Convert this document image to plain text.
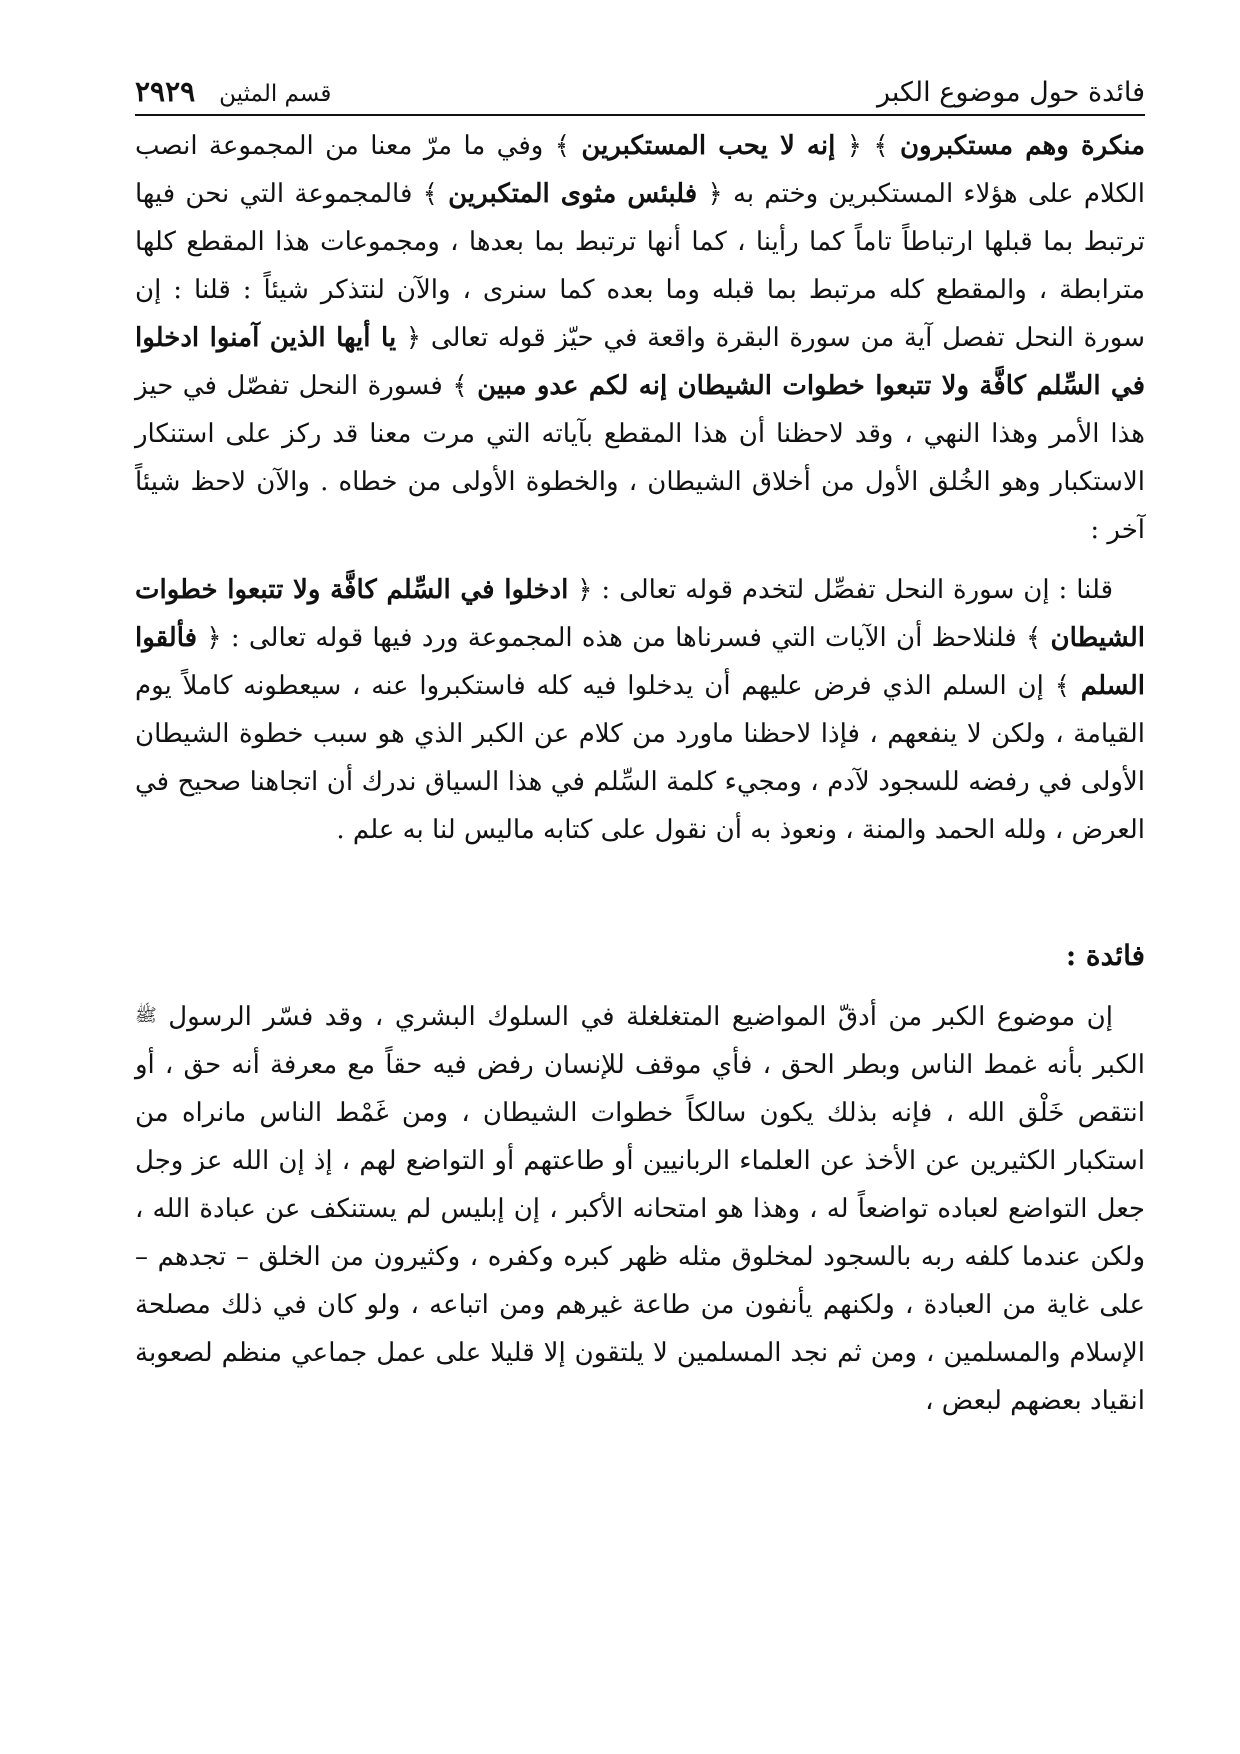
فائدة حول موضوع الكبر
قسم المثين
٢٩٢٩

منكرة وهم مستكبرون ﴾ ﴿ إنه لا يحب المستكبرين ﴾ وفي ما مرّ معنا من المجموعة انصب الكلام على هؤلاء المستكبرين وختم به ﴿ فلبئس مثوى المتكبرين ﴾ فالمجموعة التي نحن فيها ترتبط بما قبلها ارتباطاً تاماً كما رأينا ، كما أنها ترتبط بما بعدها ، ومجموعات هذا المقطع كلها مترابطة ، والمقطع كله مرتبط بما قبله وما بعده كما سنرى ، والآن لنتذكر شيئاً : قلنا : إن سورة النحل تفصل آية من سورة البقرة واقعة في حيّز قوله تعالى ﴿ يا أيها الذين آمنوا ادخلوا في السِّلم كافَّة ولا تتبعوا خطوات الشيطان إنه لكم عدو مبين ﴾ فسورة النحل تفصّل في حيز هذا الأمر وهذا النهي ، وقد لاحظنا أن هذا المقطع بآياته التي مرت معنا قد ركز على استنكار الاستكبار وهو الخُلق الأول من أخلاق الشيطان ، والخطوة الأولى من خطاه . والآن لاحظ شيئاً آخر :

قلنا : إن سورة النحل تفصِّل لتخدم قوله تعالى : ﴿ ادخلوا في السِّلم كافَّة ولا تتبعوا خطوات الشيطان ﴾ فلنلاحظ أن الآيات التي فسرناها من هذه المجموعة ورد فيها قوله تعالى : ﴿ فألقوا السلم ﴾ إن السلم الذي فرض عليهم أن يدخلوا فيه كله فاستكبروا عنه ، سيعطونه كاملاً يوم القيامة ، ولكن لا ينفعهم ، فإذا لاحظنا ماورد من كلام عن الكبر الذي هو سبب خطوة الشيطان الأولى في رفضه للسجود لآدم ، ومجيء كلمة السِّلم في هذا السياق ندرك أن اتجاهنا صحيح في العرض ، ولله الحمد والمنة ، ونعوذ به أن نقول على كتابه ماليس لنا به علم .

فائدة :

إن موضوع الكبر من أدقّ المواضيع المتغلغلة في السلوك البشري ، وقد فسّر الرسول ﷺ الكبر بأنه غمط الناس وبطر الحق ، فأي موقف للإنسان رفض فيه حقاً مع معرفة أنه حق ، أو انتقص خَلْق الله ، فإنه بذلك يكون سالكاً خطوات الشيطان ، ومن غَمْط الناس مانراه من استكبار الكثيرين عن الأخذ عن العلماء الربانيين أو طاعتهم أو التواضع لهم ، إذ إن الله عز وجل جعل التواضع لعباده تواضعاً له ، وهذا هو امتحانه الأكبر ، إن إبليس لم يستنكف عن عبادة الله ، ولكن عندما كلفه ربه بالسجود لمخلوق مثله ظهر كبره وكفره ، وكثيرون من الخلق – تجدهم – على غاية من العبادة ، ولكنهم يأنفون من طاعة غيرهم ومن اتباعه ، ولو كان في ذلك مصلحة الإسلام والمسلمين ، ومن ثم نجد المسلمين لا يلتقون إلا قليلا على عمل جماعي منظم لصعوبة انقياد بعضهم لبعض ،
